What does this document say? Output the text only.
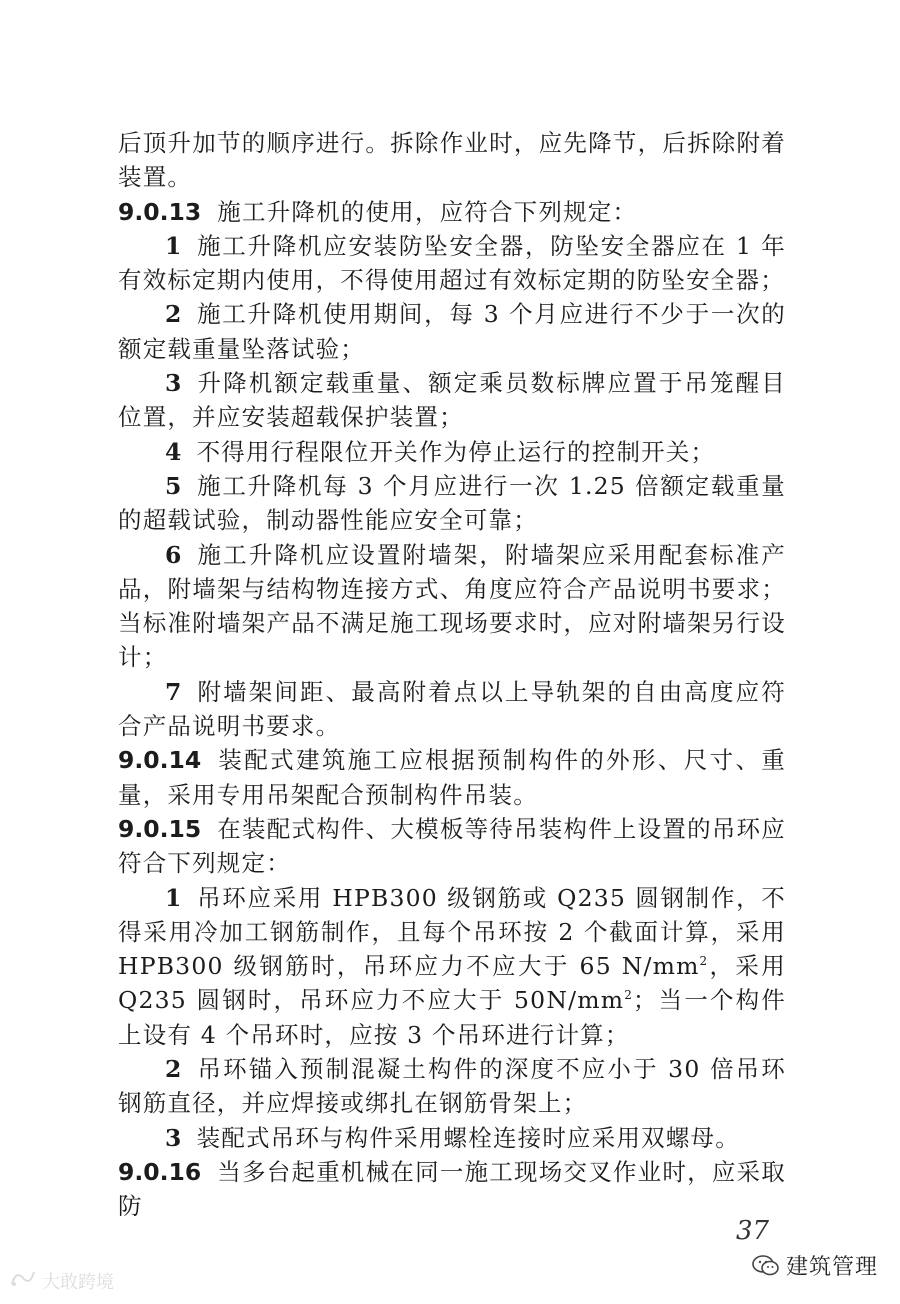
后顶升加节的顺序进行。拆除作业时，应先降节，后拆除附着装置。

9.0.13 施工升降机的使用，应符合下列规定：

1 施工升降机应安装防坠安全器，防坠安全器应在 1 年有效标定期内使用，不得使用超过有效标定期的防坠安全器；

2 施工升降机使用期间，每 3 个月应进行不少于一次的额定载重量坠落试验；

3 升降机额定载重量、额定乘员数标牌应置于吊笼醒目位置，并应安装超载保护装置；

4 不得用行程限位开关作为停止运行的控制开关；

5 施工升降机每 3 个月应进行一次 1.25 倍额定载重量的超载试验，制动器性能应安全可靠；

6 施工升降机应设置附墙架，附墙架应采用配套标准产品，附墙架与结构物连接方式、角度应符合产品说明书要求；当标准附墙架产品不满足施工现场要求时，应对附墙架另行设计；

7 附墙架间距、最高附着点以上导轨架的自由高度应符合产品说明书要求。

9.0.14 装配式建筑施工应根据预制构件的外形、尺寸、重量，采用专用吊架配合预制构件吊装。

9.0.15 在装配式构件、大模板等待吊装构件上设置的吊环应符合下列规定：

1 吊环应采用 HPB300 级钢筋或 Q235 圆钢制作，不得采用冷加工钢筋制作，且每个吊环按 2 个截面计算，采用 HPB300 级钢筋时，吊环应力不应大于 65 $N/mm^2$，采用 Q235 圆钢时，吊环应力不应大于 $50N/mm^2$；当一个构件上设有 4 个吊环时，应按 3 个吊环进行计算；

2 吊环锚入预制混凝土构件的深度不应小于 30 倍吊环钢筋直径，并应焊接或绑扎在钢筋骨架上；

3 装配式吊环与构件采用螺栓连接时应采用双螺母。

9.0.16 当多台起重机械在同一施工现场交叉作业时，应采取防

37
建筑管理
大敢跨境
